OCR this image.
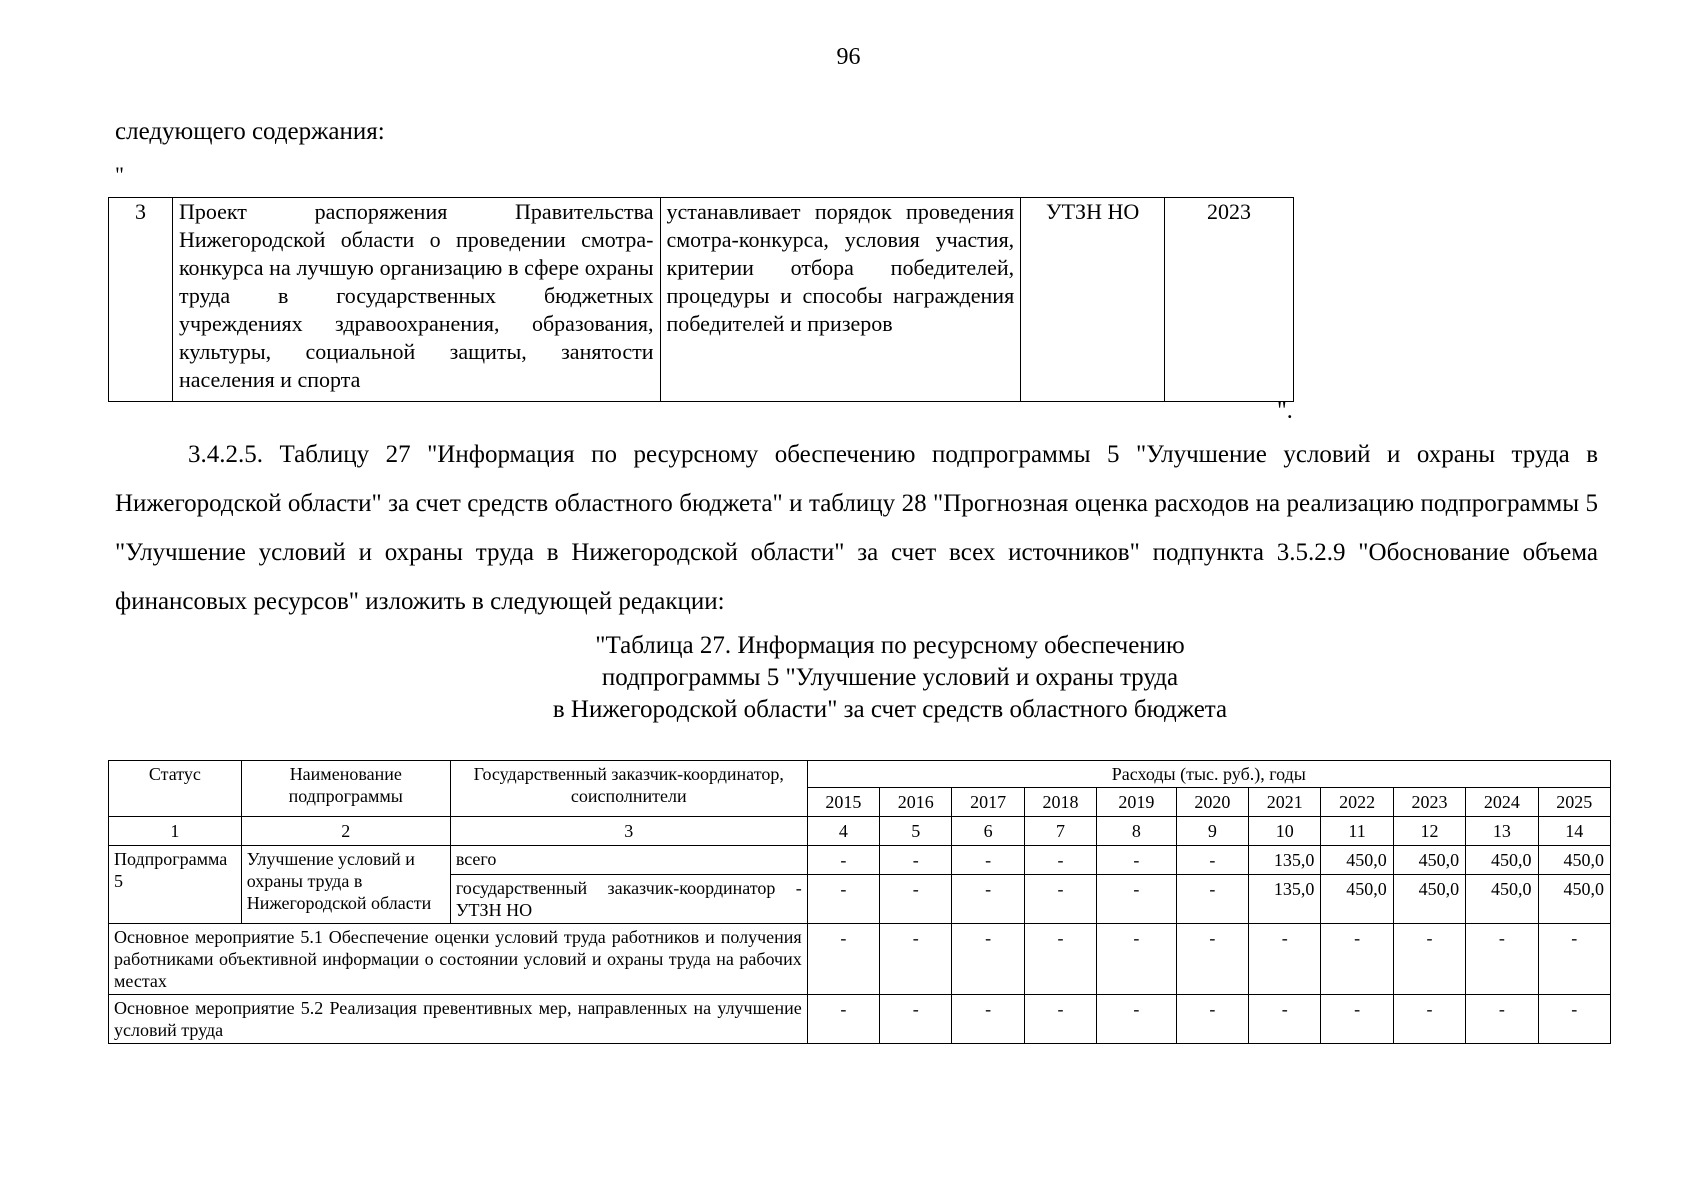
96
следующего содержания:
"
3	Проект распоряжения Правительства Нижегородской области о проведении смотра-конкурса на лучшую организацию в сфере охраны труда в государственных бюджетных учреждениях здравоохранения, образования, культуры, социальной защиты, занятости населения и спорта	устанавливает порядок проведения смотра-конкурса, условия участия, критерии отбора победителей, процедуры и способы награждения победителей и призеров	УТЗН НО	2023
".
3.4.2.5. Таблицу 27 "Информация по ресурсному обеспечению подпрограммы 5 "Улучшение условий и охраны труда в Нижегородской области" за счет средств областного бюджета" и таблицу 28 "Прогнозная оценка расходов на реализацию подпрограммы 5 "Улучшение условий и охраны труда в Нижегородской области" за счет всех источников" подпункта 3.5.2.9 "Обоснование объема финансовых ресурсов" изложить в следующей редакции:
"Таблица 27. Информация по ресурсному обеспечению
подпрограммы 5 "Улучшение условий и охраны труда
в Нижегородской области" за счет средств областного бюджета
Статус	Наименование подпрограммы	Государственный заказчик-координатор, соисполнители	Расходы (тыс. руб.), годы										
			2015	2016	2017	2018	2019	2020	2021	2022	2023	2024	2025
1	2	3	4	5	6	7	8	9	10	11	12	13	14
Подпрограмма 5	Улучшение условий и охраны труда в Нижегородской области	всего	-	-	-	-	-	-	135,0	450,0	450,0	450,0	450,0
		государственный заказчик-координатор - УТЗН НО	-	-	-	-	-	-	135,0	450,0	450,0	450,0	450,0
Основное мероприятие 5.1 Обеспечение оценки условий труда работников и получения работниками объективной информации о состоянии условий и охраны труда на рабочих местах			-	-	-	-	-	-	-	-	-	-	-
Основное мероприятие 5.2 Реализация превентивных мер, направленных на улучшение условий труда			-	-	-	-	-	-	-	-	-	-	-
